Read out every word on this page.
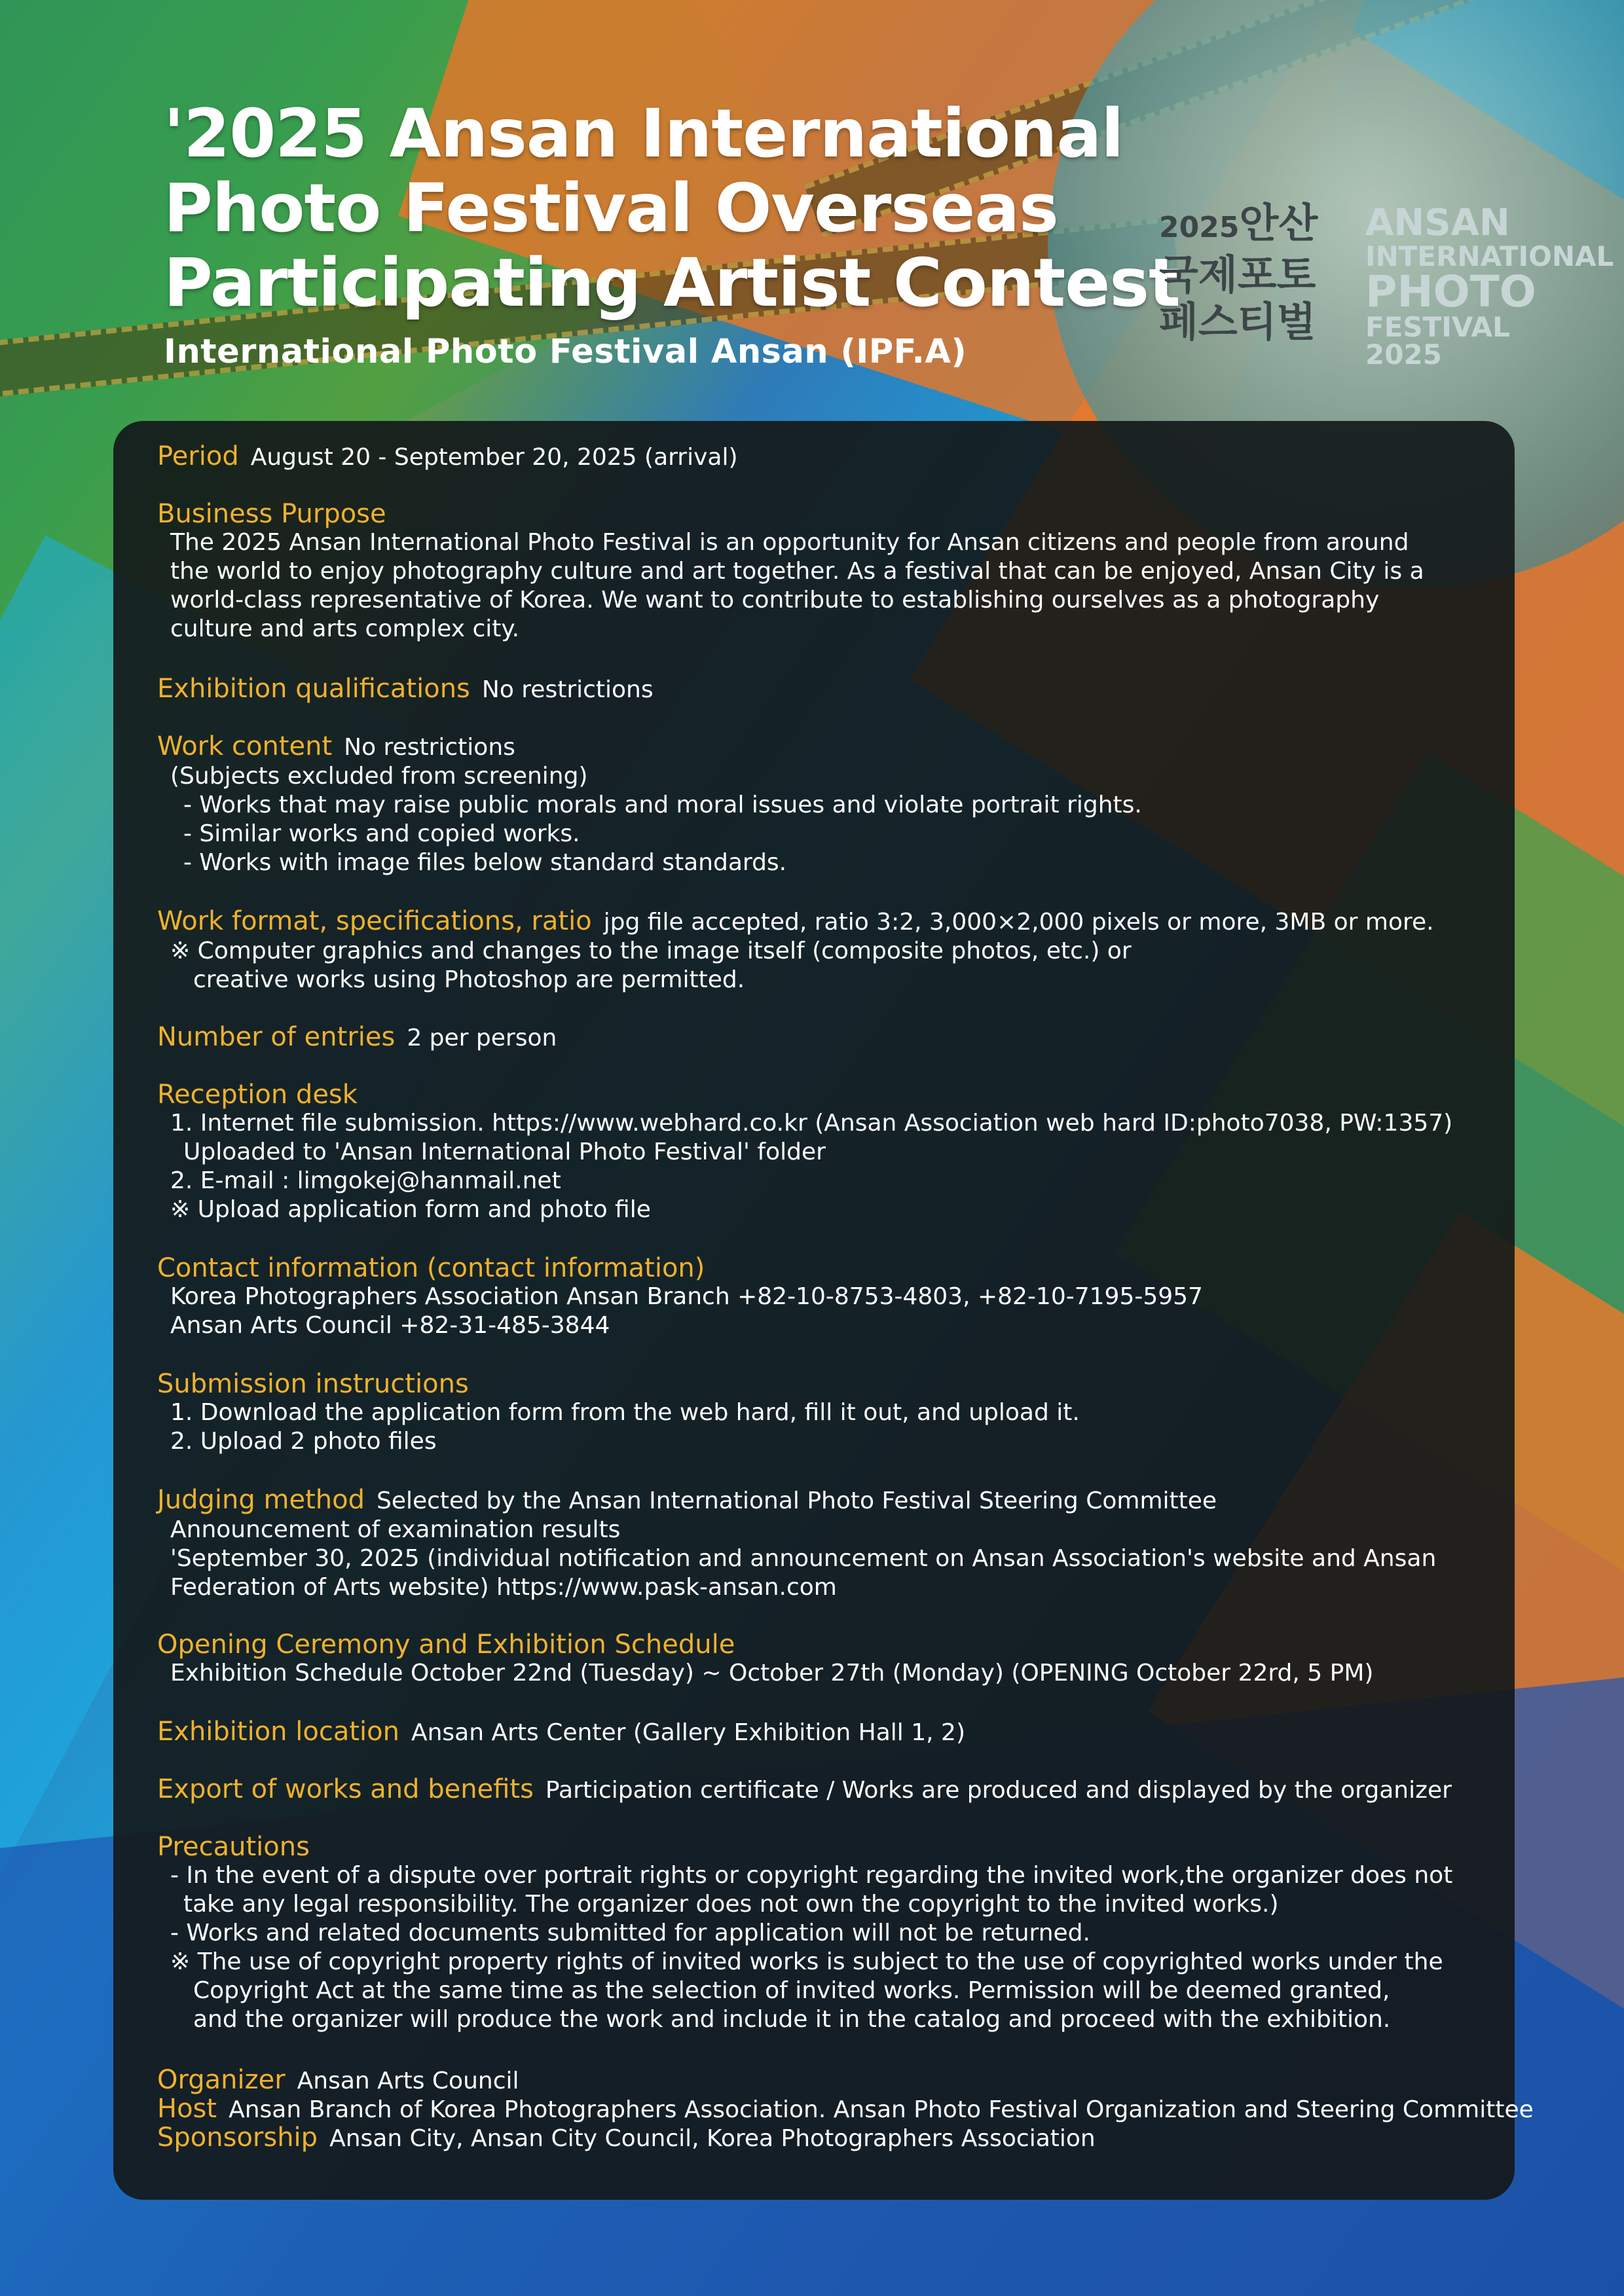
'2025 Ansan International
Photo Festival Overseas
Participating Artist Contest
International Photo Festival Ansan (IPF.A)
2025안산
국제포토
페스티벌
ANSAN
INTERNATIONAL
PHOTO
FESTIVAL
2025
Period August 20 - September 20, 2025 (arrival)
Business Purpose
The 2025 Ansan International Photo Festival is an opportunity for Ansan citizens and people from around
the world to enjoy photography culture and art together. As a festival that can be enjoyed, Ansan City is a
world-class representative of Korea. We want to contribute to establishing ourselves as a photography
culture and arts complex city.
Exhibition qualifications No restrictions
Work content No restrictions
(Subjects excluded from screening)
- Works that may raise public morals and moral issues and violate portrait rights.
- Similar works and copied works.
- Works with image files below standard standards.
Work format, specifications, ratio jpg file accepted, ratio 3:2, 3,000×2,000 pixels or more, 3MB or more.
※ Computer graphics and changes to the image itself (composite photos, etc.) or
creative works using Photoshop are permitted.
Number of entries 2 per person
Reception desk
1. Internet file submission. https://www.webhard.co.kr (Ansan Association web hard ID:photo7038, PW:1357)
Uploaded to 'Ansan International Photo Festival' folder
2. E-mail : limgokej@hanmail.net
※ Upload application form and photo file
Contact information (contact information)
Korea Photographers Association Ansan Branch +82-10-8753-4803, +82-10-7195-5957
Ansan Arts Council +82-31-485-3844
Submission instructions
1. Download the application form from the web hard, fill it out, and upload it.
2. Upload 2 photo files
Judging method Selected by the Ansan International Photo Festival Steering Committee
Announcement of examination results
'September 30, 2025 (individual notification and announcement on Ansan Association's website and Ansan
Federation of Arts website) https://www.pask-ansan.com
Opening Ceremony and Exhibition Schedule
Exhibition Schedule October 22nd (Tuesday) ~ October 27th (Monday) (OPENING October 22rd, 5 PM)
Exhibition location Ansan Arts Center (Gallery Exhibition Hall 1, 2)
Export of works and benefits Participation certificate / Works are produced and displayed by the organizer
Precautions
- In the event of a dispute over portrait rights or copyright regarding the invited work,the organizer does not
take any legal responsibility. The organizer does not own the copyright to the invited works.)
- Works and related documents submitted for application will not be returned.
※ The use of copyright property rights of invited works is subject to the use of copyrighted works under the
Copyright Act at the same time as the selection of invited works. Permission will be deemed granted,
and the organizer will produce the work and include it in the catalog and proceed with the exhibition.
Organizer Ansan Arts Council
Host Ansan Branch of Korea Photographers Association. Ansan Photo Festival Organization and Steering Committee
Sponsorship Ansan City, Ansan City Council, Korea Photographers Association
